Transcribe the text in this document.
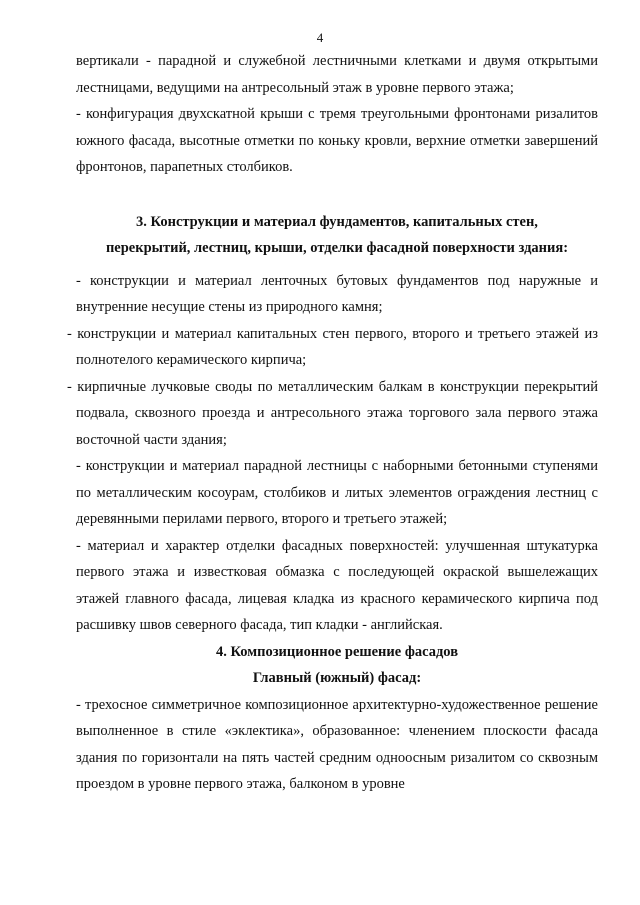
4

вертикали - парадной и служебной лестничными клетками и двумя открытыми лестницами, ведущими на антресольный этаж в уровне первого этажа;

- конфигурация двухскатной крыши с тремя треугольными фронтонами ризалитов южного фасада, высотные отметки по коньку кровли, верхние отметки завершений фронтонов, парапетных столбиков.

3. Конструкции и материал фундаментов, капитальных стен,

перекрытий, лестниц, крыши, отделки фасадной поверхности здания:

- конструкции и материал ленточных бутовых фундаментов под наружные и внутренние несущие стены из природного камня;

- конструкции и материал капитальных стен первого, второго и третьего этажей из полнотелого керамического кирпича;

- кирпичные лучковые своды по металлическим балкам в конструкции перекрытий подвала, сквозного проезда и антресольного этажа торгового зала первого этажа восточной части здания;

- конструкции и материал парадной лестницы с наборными бетонными ступенями по металлическим косоурам, столбиков и литых элементов ограждения лестниц с деревянными перилами первого, второго и третьего этажей;

- материал и характер отделки фасадных поверхностей: улучшенная штукатурка первого этажа и известковая обмазка с последующей окраской вышележащих этажей главного фасада, лицевая кладка из красного керамического кирпича под расшивку швов северного фасада, тип кладки - английская.

4. Композиционное решение фасадов

Главный (южный) фасад:

- трехосное симметричное композиционное архитектурно-художественное решение выполненное в стиле «эклектика», образованное: членением плоскости фасада здания по горизонтали на пять частей средним одноосным ризалитом со сквозным проездом в уровне первого этажа, балконом в уровне
